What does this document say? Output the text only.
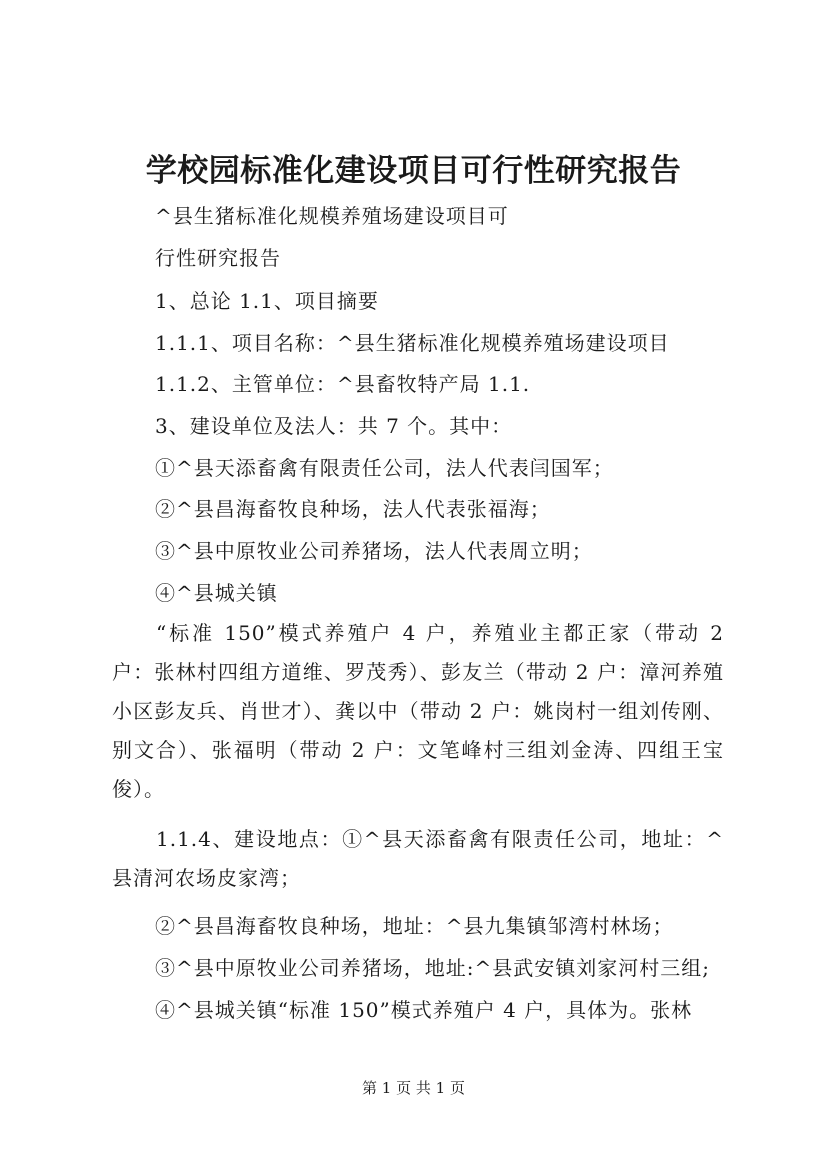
学校园标准化建设项目可行性研究报告
^县生猪标准化规模养殖场建设项目可
行性研究报告
1、总论 1.1、项目摘要
1.1.1、项目名称：^县生猪标准化规模养殖场建设项目
1.1.2、主管单位：^县畜牧特产局 1.1.
3、建设单位及法人：共 7 个。其中：
①^县天添畜禽有限责任公司，法人代表闫国军；
②^县昌海畜牧良种场，法人代表张福海；
③^县中原牧业公司养猪场，法人代表周立明；
④^县城关镇
“标准 150”模式养殖户 4 户，养殖业主都正家（带动 2 户：张林村四组方道维、罗茂秀）、彭友兰（带动 2 户：漳河养殖小区彭友兵、肖世才）、龚以中（带动 2 户：姚岗村一组刘传刚、别文合）、张福明（带动 2 户：文笔峰村三组刘金涛、四组王宝俊）。
1.1.4、建设地点：①^县天添畜禽有限责任公司，地址：^县清河农场皮家湾；
②^县昌海畜牧良种场，地址：^县九集镇邹湾村林场；
③^县中原牧业公司养猪场，地址:^县武安镇刘家河村三组;
④^县城关镇“标准 150”模式养殖户 4 户，具体为。张林
第 1 页 共 1 页
